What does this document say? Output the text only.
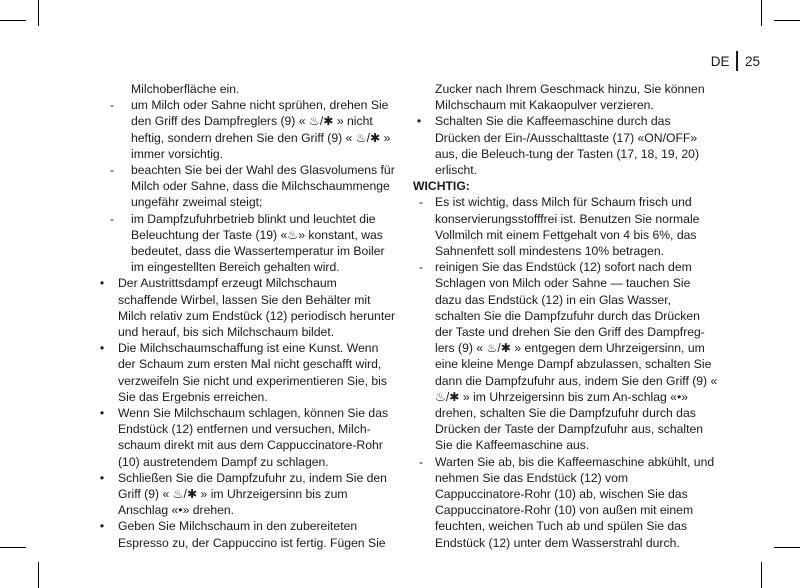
DE 25
Milchoberfläche ein.
- um Milch oder Sahne nicht sprühen, drehen Sie den Griff des Dampfreglers (9) « ♨/✱ » nicht heftig, sondern drehen Sie den Griff (9) « ♨/✱ » immer vorsichtig.
- beachten Sie bei der Wahl des Glasvolumens für Milch oder Sahne, dass die Milchschaummenge ungefähr zweimal steigt;
- im Dampfzufuhrbetrieb blinkt und leuchtet die Beleuchtung der Taste (19) «♨» konstant, was bedeutet, dass die Wassertemperatur im Boiler im eingestellten Bereich gehalten wird.
•	Der Austrittsdampf erzeugt Milchschaum schaffende Wirbel, lassen Sie den Behälter mit Milch relativ zum Endstück (12) periodisch herunter und herauf, bis sich Milchschaum bildet.
•	Die Milchschaumschaffung ist eine Kunst. Wenn der Schaum zum ersten Mal nicht geschafft wird, verzweifeln Sie nicht und experimentieren Sie, bis Sie das Ergebnis erreichen.
•	Wenn Sie Milchschaum schlagen, können Sie das Endstück (12) entfernen und versuchen, Milch-schaum direkt mit aus dem Cappuccinatore-Rohr (10) austretendem Dampf zu schlagen.
•	Schließen Sie die Dampfzufuhr zu, indem Sie den Griff (9) « ♨/✱ » im Uhrzeigersinn bis zum Anschlag «•» drehen.
•	Geben Sie Milchschaum in den zubereiteten Espresso zu, der Cappuccino ist fertig. Fügen Sie
Zucker nach Ihrem Geschmack hinzu, Sie können Milchschaum mit Kakaopulver verzieren.
•	Schalten Sie die Kaffeemaschine durch das Drücken der Ein-/Ausschalttaste (17) «ON/OFF» aus, die Beleuch-tung der Tasten (17, 18, 19, 20) erlischt.
WICHTIG:
- Es ist wichtig, dass Milch für Schaum frisch und konservierungsstofffrei ist. Benutzen Sie normale Vollmilch mit einem Fettgehalt von 4 bis 6%, das Sahnenfett soll mindestens 10% betragen.
- reinigen Sie das Endstück (12) sofort nach dem Schlagen von Milch oder Sahne — tauchen Sie dazu das Endstück (12) in ein Glas Wasser, schalten Sie die Dampfzufuhr durch das Drücken der Taste und drehen Sie den Griff des Dampfreg-lers (9) « ♨/✱ » entgegen dem Uhrzeigersinn, um eine kleine Menge Dampf abzulassen, schalten Sie dann die Dampfzufuhr aus, indem Sie den Griff (9) « ♨/✱ » im Uhrzeigersinn bis zum An-schlag «•» drehen, schalten Sie die Dampfzufuhr durch das Drücken der Taste der Dampfzufuhr aus, schalten Sie die Kaffeemaschine aus.
- Warten Sie ab, bis die Kaffeemaschine abkühlt, und nehmen Sie das Endstück (12) vom Cappuccinatore-Rohr (10) ab, wischen Sie das Cappuccinatore-Rohr (10) von außen mit einem feuchten, weichen Tuch ab und spülen Sie das Endstück (12) unter dem Wasserstrahl durch.
